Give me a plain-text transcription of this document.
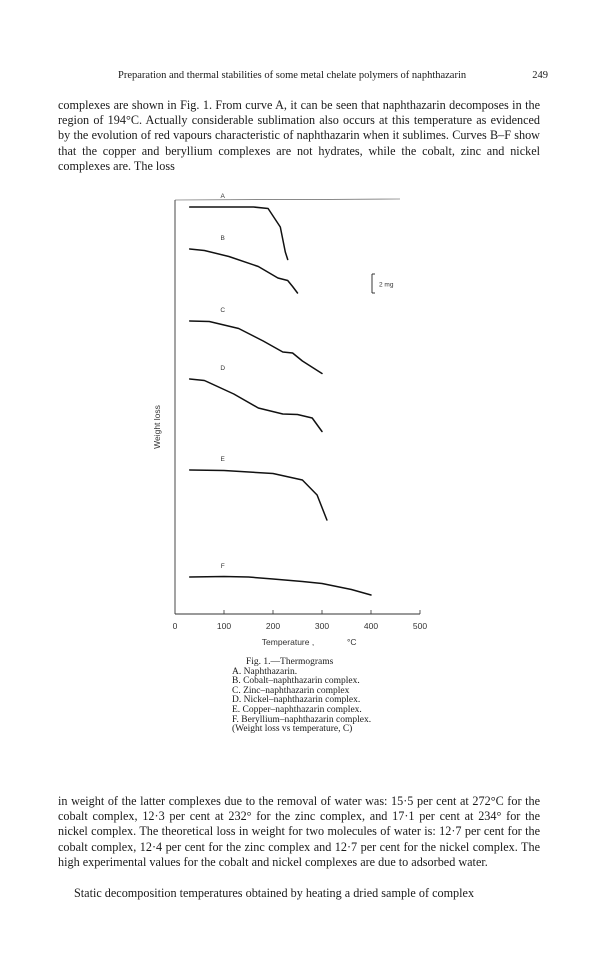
Preparation and thermal stabilities of some metal chelate polymers of naphthazarin	249
complexes are shown in Fig. 1. From curve A, it can be seen that naphthazarin decomposes in the region of 194°C. Actually considerable sublimation also occurs at this temperature as evidenced by the evolution of red vapours characteristic of naphthazarin when it sublimes. Curves B–F show that the copper and beryllium complexes are not hydrates, while the cobalt, zinc and nickel complexes are. The loss
A
B
C
D
E
F
2 mg
0	100	200	300	400	500
Weight loss
Temperature ,	°C
Fig. 1.—Thermograms
A. Naphthazarin.
B. Cobalt–naphthazarin complex.
C. Zinc–naphthazarin complex
D. Nickel–naphthazarin complex.
E. Copper–naphthazarin complex.
F. Beryllium–naphthazarin complex.
(Weight loss vs temperature, C)
in weight of the latter complexes due to the removal of water was: 15·5 per cent at 272°C for the cobalt complex, 12·3 per cent at 232° for the zinc complex, and 17·1 per cent at 234° for the nickel complex. The theoretical loss in weight for two molecules of water is: 12·7 per cent for the cobalt complex, 12·4 per cent for the zinc complex and 12·7 per cent for the nickel complex. The high experimental values for the cobalt and nickel complexes are due to adsorbed water.
Static decomposition temperatures obtained by heating a dried sample of complex
